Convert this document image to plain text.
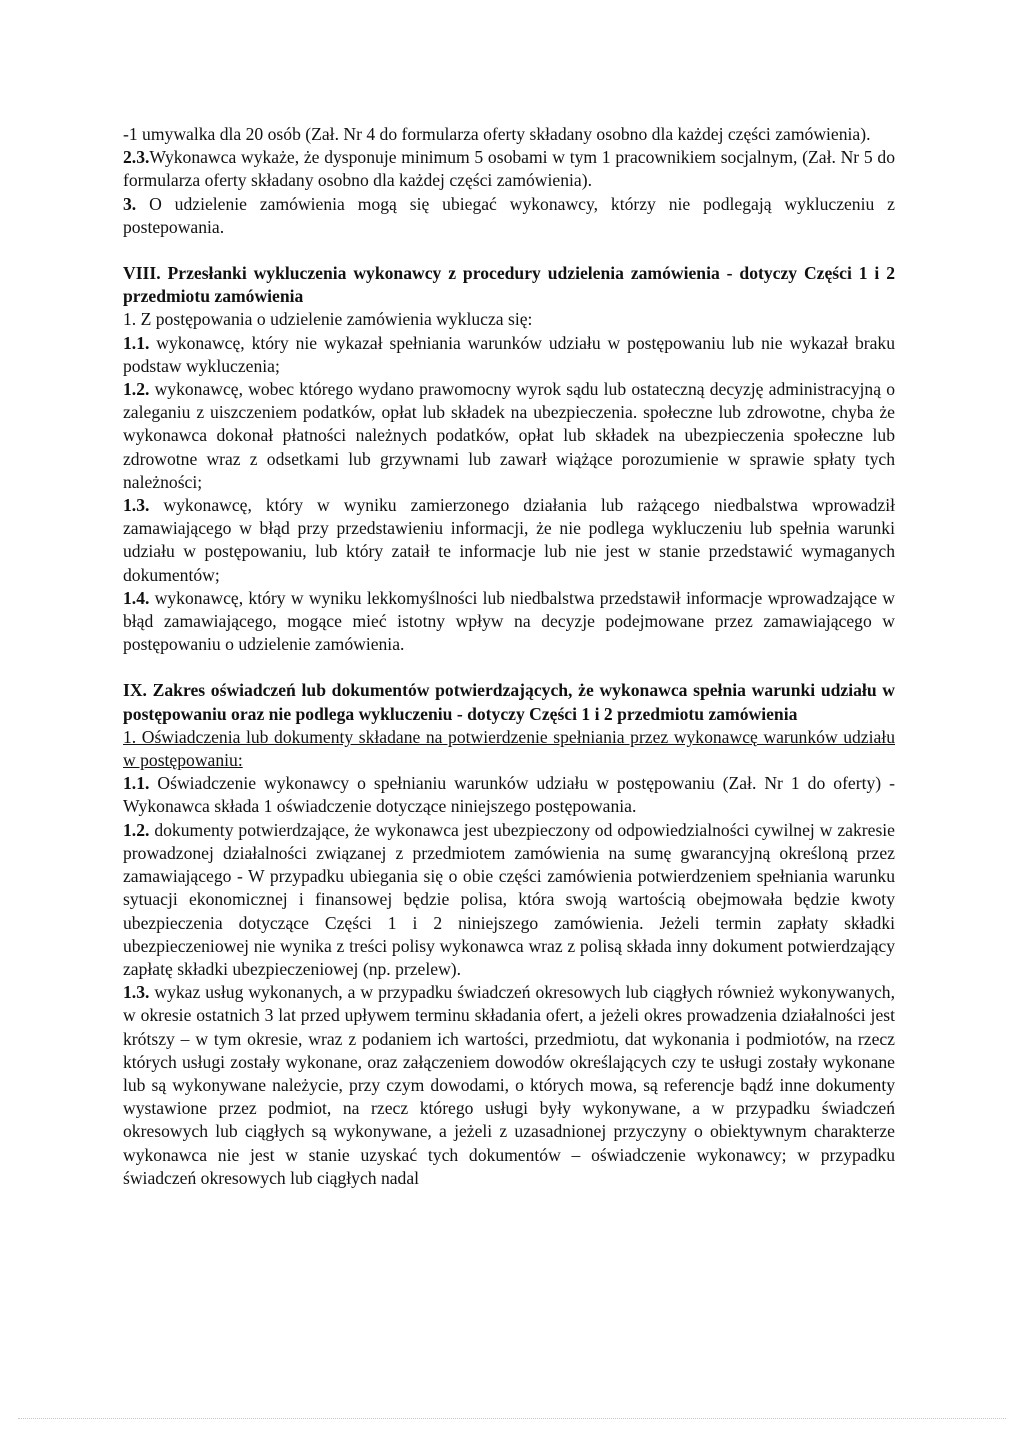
-1 umywalka dla 20 osób (Zał. Nr 4 do formularza oferty składany osobno dla każdej części zamówienia).

2.3.Wykonawca wykaże, że dysponuje minimum 5 osobami w tym 1 pracownikiem socjalnym, (Zał. Nr 5 do formularza oferty składany osobno dla każdej części zamówienia).

3. O udzielenie zamówienia mogą się ubiegać wykonawcy, którzy nie podlegają wykluczeniu z postepowania.

VIII. Przesłanki wykluczenia wykonawcy z procedury udzielenia zamówienia - dotyczy Części 1 i 2 przedmiotu zamówienia

1. Z postępowania o udzielenie zamówienia wyklucza się:

1.1. wykonawcę, który nie wykazał spełniania warunków udziału w postępowaniu lub nie wykazał braku podstaw wykluczenia;

1.2. wykonawcę, wobec którego wydano prawomocny wyrok sądu lub ostateczną decyzję administracyjną o zaleganiu z uiszczeniem podatków, opłat lub składek na ubezpieczenia. społeczne lub zdrowotne, chyba że wykonawca dokonał płatności należnych podatków, opłat lub składek na ubezpieczenia społeczne lub zdrowotne wraz z odsetkami lub grzywnami lub zawarł wiążące porozumienie w sprawie spłaty tych należności;

1.3. wykonawcę, który w wyniku zamierzonego działania lub rażącego niedbalstwa wprowadził zamawiającego w błąd przy przedstawieniu informacji, że nie podlega wykluczeniu lub spełnia warunki udziału w postępowaniu, lub który zataił te informacje lub nie jest w stanie przedstawić wymaganych dokumentów;

1.4. wykonawcę, który w wyniku lekkomyślności lub niedbalstwa przedstawił informacje wprowadzające w błąd zamawiającego, mogące mieć istotny wpływ na decyzje podejmowane przez zamawiającego w postępowaniu o udzielenie zamówienia.

IX. Zakres oświadczeń lub dokumentów potwierdzających, że wykonawca spełnia warunki udziału w postępowaniu oraz nie podlega wykluczeniu - dotyczy Części 1 i 2 przedmiotu zamówienia

1. Oświadczenia lub dokumenty składane na potwierdzenie spełniania przez wykonawcę warunków udziału w postępowaniu:

1.1. Oświadczenie wykonawcy o spełnianiu warunków udziału w postępowaniu (Zał. Nr 1 do oferty) - Wykonawca składa 1 oświadczenie dotyczące niniejszego postępowania.

1.2. dokumenty potwierdzające, że wykonawca jest ubezpieczony od odpowiedzialności cywilnej w zakresie prowadzonej działalności związanej z przedmiotem zamówienia na sumę gwarancyjną określoną przez zamawiającego - W przypadku ubiegania się o obie części zamówienia potwierdzeniem spełniania warunku sytuacji ekonomicznej i finansowej będzie polisa, która swoją wartością obejmowała będzie kwoty ubezpieczenia dotyczące Części 1 i 2 niniejszego zamówienia. Jeżeli termin zapłaty składki ubezpieczeniowej nie wynika z treści polisy wykonawca wraz z polisą składa inny dokument potwierdzający zapłatę składki ubezpieczeniowej (np. przelew).

1.3. wykaz usług wykonanych, a w przypadku świadczeń okresowych lub ciągłych również wykonywanych, w okresie ostatnich 3 lat przed upływem terminu składania ofert, a jeżeli okres prowadzenia działalności jest krótszy – w tym okresie, wraz z podaniem ich wartości, przedmiotu, dat wykonania i podmiotów, na rzecz których usługi zostały wykonane, oraz załączeniem dowodów określających czy te usługi zostały wykonane lub są wykonywane należycie, przy czym dowodami, o których mowa, są referencje bądź inne dokumenty wystawione przez podmiot, na rzecz którego usługi były wykonywane, a w przypadku świadczeń okresowych lub ciągłych są wykonywane, a jeżeli z uzasadnionej przyczyny o obiektywnym charakterze wykonawca nie jest w stanie uzyskać tych dokumentów – oświadczenie wykonawcy; w przypadku świadczeń okresowych lub ciągłych nadal
